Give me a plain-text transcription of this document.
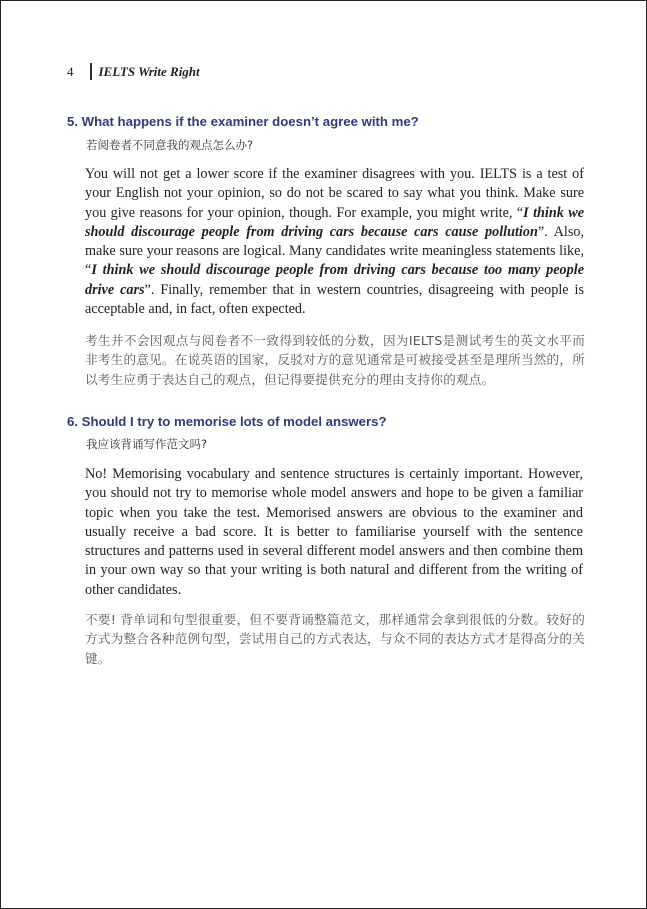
4 IELTS Write Right
5. What happens if the examiner doesn’t agree with me?
若阅卷者不同意我的观点怎么办?

You will not get a lower score if the examiner disagrees with you. IELTS is a test of your English not your opinion, so do not be scared to say what you think. Make sure you give reasons for your opinion, though. For example, you might write, “I think we should discourage people from driving cars because cars cause pollution”. Also, make sure your reasons are logical. Many candidates write meaningless statements like, “I think we should discourage people from driving cars because too many people drive cars”. Finally, remember that in western countries, disagreeing with people is acceptable and, in fact, often expected.

考生并不会因观点与阅卷者不一致得到较低的分数，因为IELTS是测试考生的英文水平而非考生的意见。在说英语的国家，反驳对方的意见通常是可被接受甚至是理所当然的，所以考生应勇于表达自己的观点，但记得要提供充分的理由支持你的观点。

6. Should I try to memorise lots of model answers?
我应该背诵写作范文吗?

No! Memorising vocabulary and sentence structures is certainly important. However, you should not try to memorise whole model answers and hope to be given a familiar topic when you take the test. Memorised answers are obvious to the examiner and usually receive a bad score. It is better to familiarise yourself with the sentence structures and patterns used in several different model answers and then combine them in your own way so that your writing is both natural and different from the writing of other candidates.

不要! 背单词和句型很重要，但不要背诵整篇范文，那样通常会拿到很低的分数。较好的方式为整合各种范例句型，尝试用自己的方式表达，与众不同的表达方式才是得高分的关键。
